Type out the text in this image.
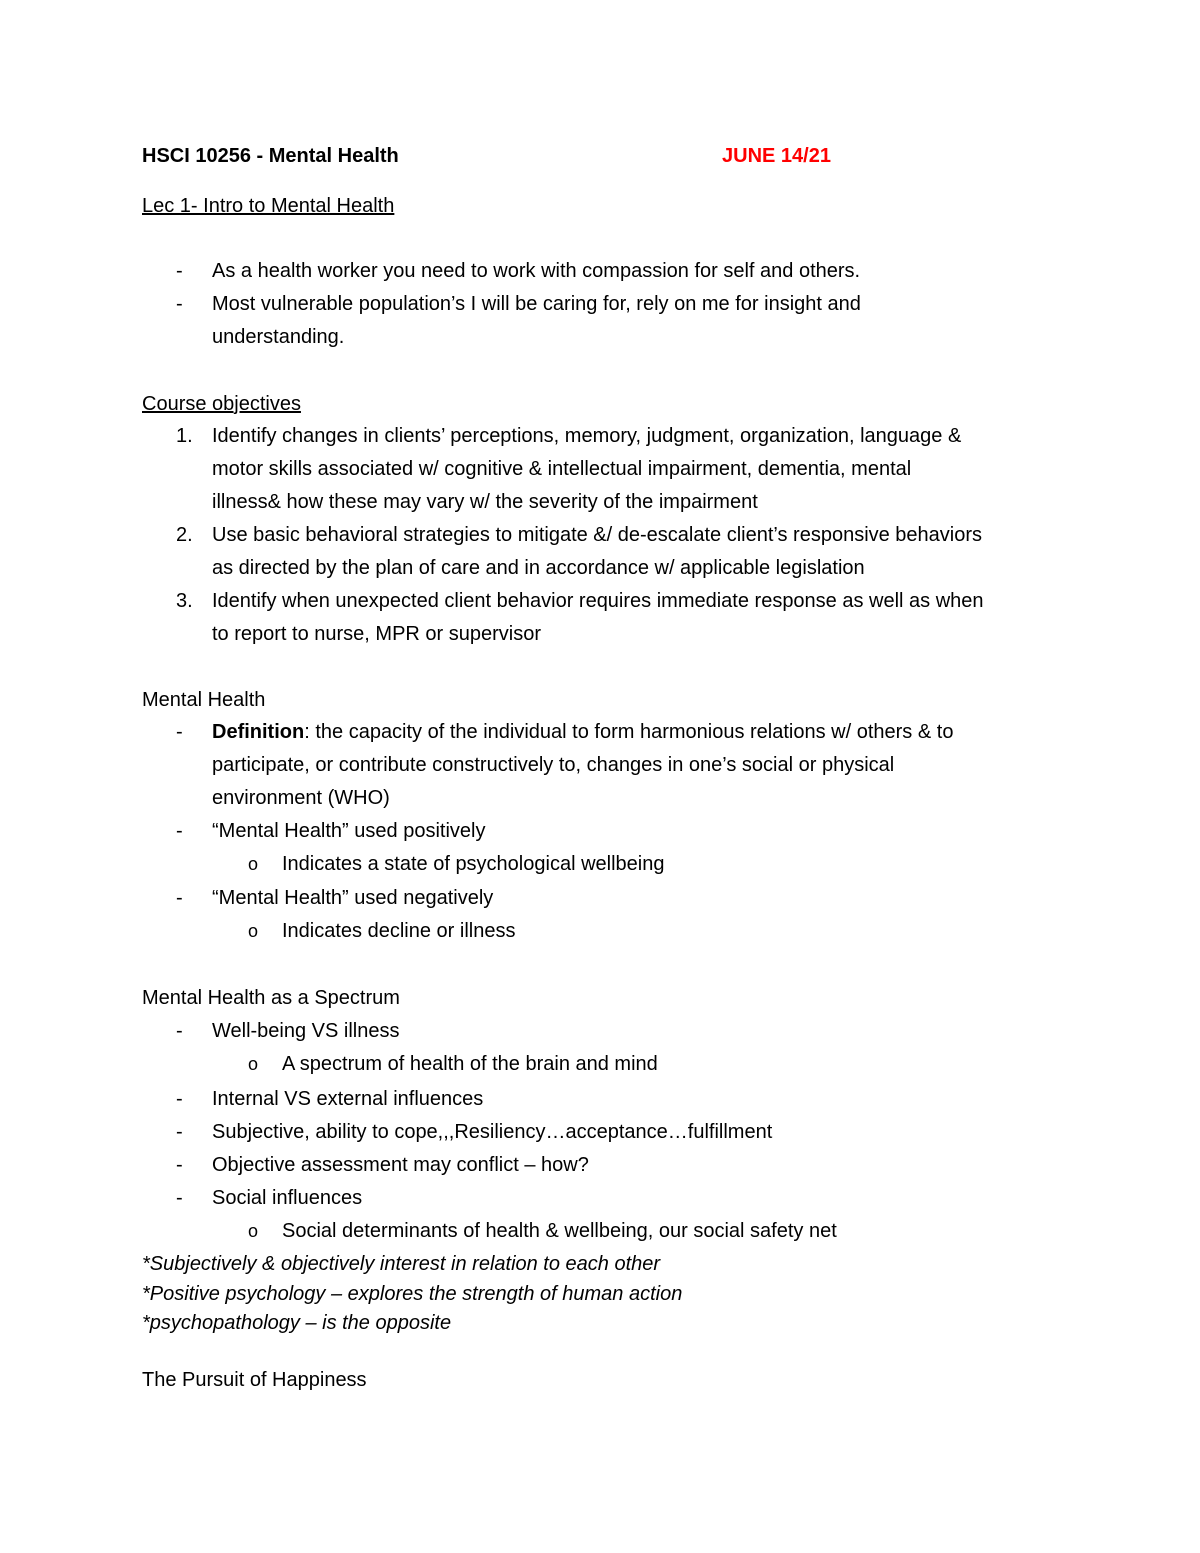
HSCI 10256 - Mental Health	JUNE 14/21
Lec 1- Intro to Mental Health
- As a health worker you need to work with compassion for self and others.
- Most vulnerable population’s I will be caring for, rely on me for insight and
understanding.
Course objectives
1. Identify changes in clients’ perceptions, memory, judgment, organization, language &
motor skills associated w/ cognitive & intellectual impairment, dementia, mental
illness& how these may vary w/ the severity of the impairment
2. Use basic behavioral strategies to mitigate &/ de-escalate client’s responsive behaviors
as directed by the plan of care and in accordance w/ applicable legislation
3. Identify when unexpected client behavior requires immediate response as well as when
to report to nurse, MPR or supervisor
Mental Health
- Definition: the capacity of the individual to form harmonious relations w/ others & to
participate, or contribute constructively to, changes in one’s social or physical
environment (WHO)
- “Mental Health” used positively
o Indicates a state of psychological wellbeing
- “Mental Health” used negatively
o Indicates decline or illness
Mental Health as a Spectrum
- Well-being VS illness
o A spectrum of health of the brain and mind
- Internal VS external influences
- Subjective, ability to cope,,,Resiliency…acceptance…fulfillment
- Objective assessment may conflict – how?
- Social influences
o Social determinants of health & wellbeing, our social safety net
*Subjectively & objectively interest in relation to each other
*Positive psychology – explores the strength of human action
*psychopathology – is the opposite
The Pursuit of Happiness
